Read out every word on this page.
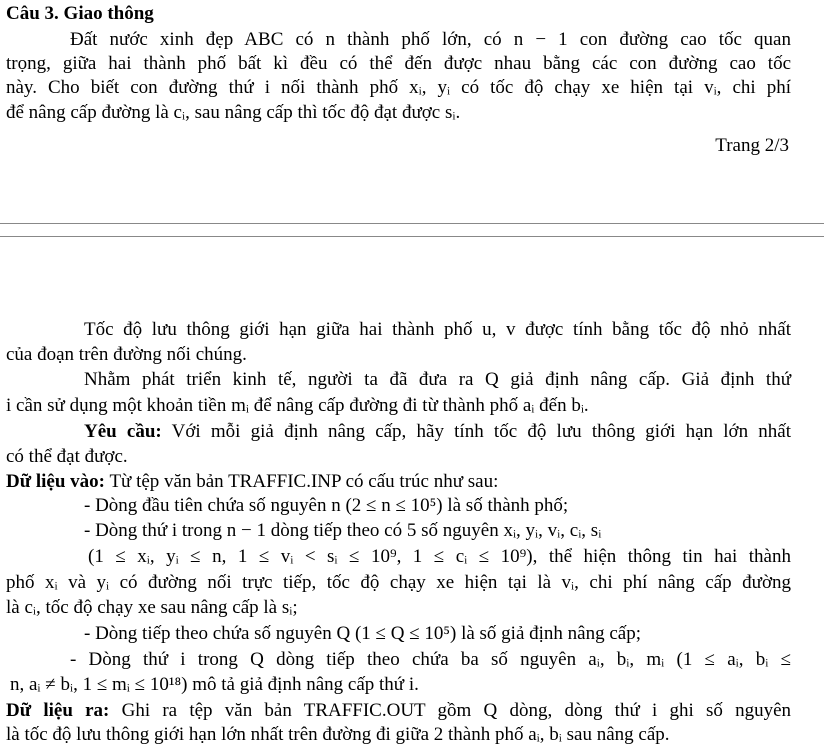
Câu 3. Giao thông
Đất nước xinh đẹp ABC có n thành phố lớn, có n − 1 con đường cao tốc quan
trọng, giữa hai thành phố bất kì đều có thể đến được nhau bằng các con đường cao tốc
này. Cho biết con đường thứ i nối thành phố xᵢ, yᵢ có tốc độ chạy xe hiện tại vᵢ, chi phí
để nâng cấp đường là cᵢ, sau nâng cấp thì tốc độ đạt được sᵢ.
Trang 2/3
Tốc độ lưu thông giới hạn giữa hai thành phố u, v được tính bằng tốc độ nhỏ nhất
của đoạn trên đường nối chúng.
Nhằm phát triển kinh tế, người ta đã đưa ra Q giả định nâng cấp. Giả định thứ
i cần sử dụng một khoản tiền mᵢ để nâng cấp đường đi từ thành phố aᵢ đến bᵢ.
Yêu cầu: Với mỗi giả định nâng cấp, hãy tính tốc độ lưu thông giới hạn lớn nhất
có thể đạt được.
Dữ liệu vào: Từ tệp văn bản TRAFFIC.INP có cấu trúc như sau:
- Dòng đầu tiên chứa số nguyên n (2 ≤ n ≤ 10⁵) là số thành phố;
- Dòng thứ i trong n − 1 dòng tiếp theo có 5 số nguyên xᵢ, yᵢ, vᵢ, cᵢ, sᵢ
(1 ≤ xᵢ, yᵢ ≤ n, 1 ≤ vᵢ < sᵢ ≤ 10⁹, 1 ≤ cᵢ ≤ 10⁹), thể hiện thông tin hai thành
phố xᵢ và yᵢ có đường nối trực tiếp, tốc độ chạy xe hiện tại là vᵢ, chi phí nâng cấp đường
là cᵢ, tốc độ chạy xe sau nâng cấp là sᵢ;
- Dòng tiếp theo chứa số nguyên Q (1 ≤ Q ≤ 10⁵) là số giả định nâng cấp;
- Dòng thứ i trong Q dòng tiếp theo chứa ba số nguyên aᵢ, bᵢ, mᵢ (1 ≤ aᵢ, bᵢ ≤
n, aᵢ ≠ bᵢ, 1 ≤ mᵢ ≤ 10¹⁸) mô tả giả định nâng cấp thứ i.
Dữ liệu ra: Ghi ra tệp văn bản TRAFFIC.OUT gồm Q dòng, dòng thứ i ghi số nguyên
là tốc độ lưu thông giới hạn lớn nhất trên đường đi giữa 2 thành phố aᵢ, bᵢ sau nâng cấp.
